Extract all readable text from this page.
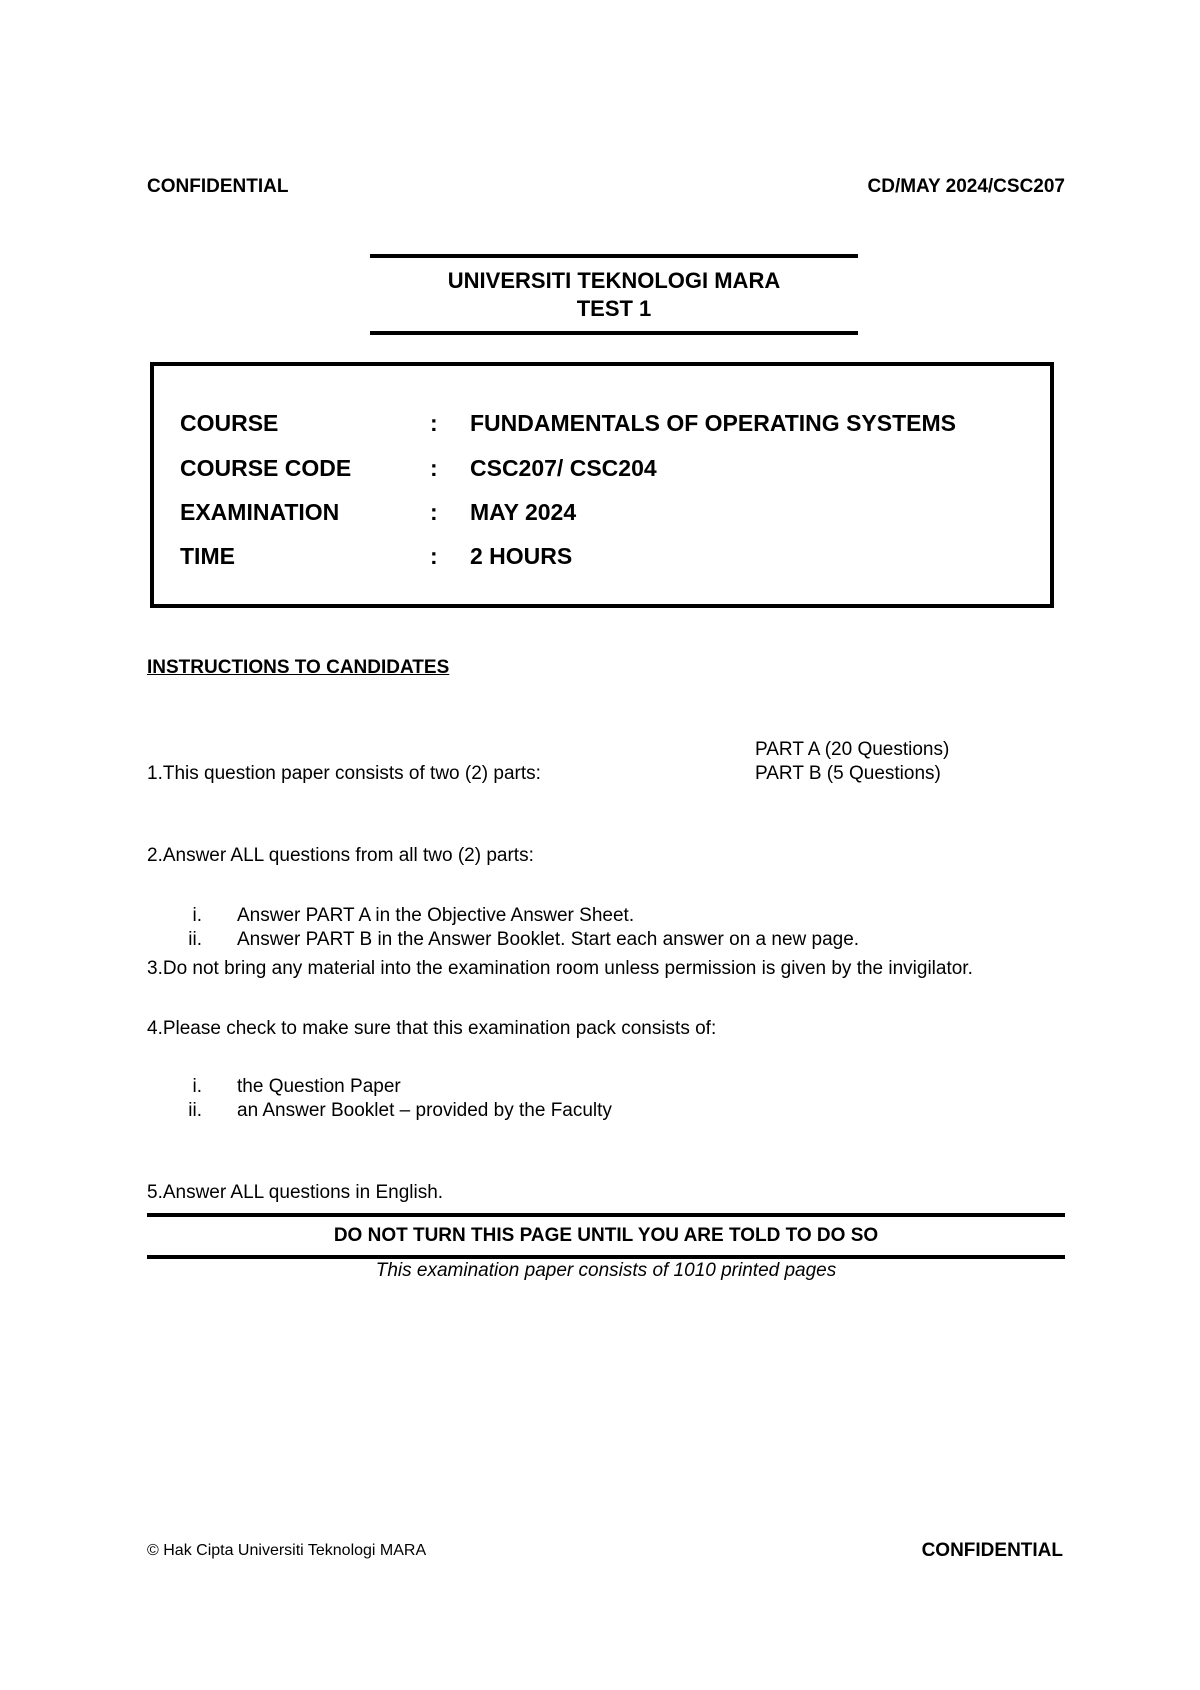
CONFIDENTIAL	CD/MAY 2024/CSC207
UNIVERSITI TEKNOLOGI MARA
TEST 1
COURSE	: FUNDAMENTALS OF OPERATING SYSTEMS
COURSE CODE	: CSC207/ CSC204
EXAMINATION	: MAY 2024
TIME	: 2 HOURS
INSTRUCTIONS TO CANDIDATES
1.This question paper consists of two (2) parts:
PART A (20 Questions)
PART B (5 Questions)
2.Answer ALL questions from all two (2) parts:
i. Answer PART A in the Objective Answer Sheet.
ii. Answer PART B in the Answer Booklet. Start each answer on a new page.
3.Do not bring any material into the examination room unless permission is given by the invigilator.
4.Please check to make sure that this examination pack consists of:
i. the Question Paper
ii. an Answer Booklet – provided by the Faculty
5.Answer ALL questions in English.
DO NOT TURN THIS PAGE UNTIL YOU ARE TOLD TO DO SO
This examination paper consists of 1010 printed pages
© Hak Cipta Universiti Teknologi MARA	CONFIDENTIAL
